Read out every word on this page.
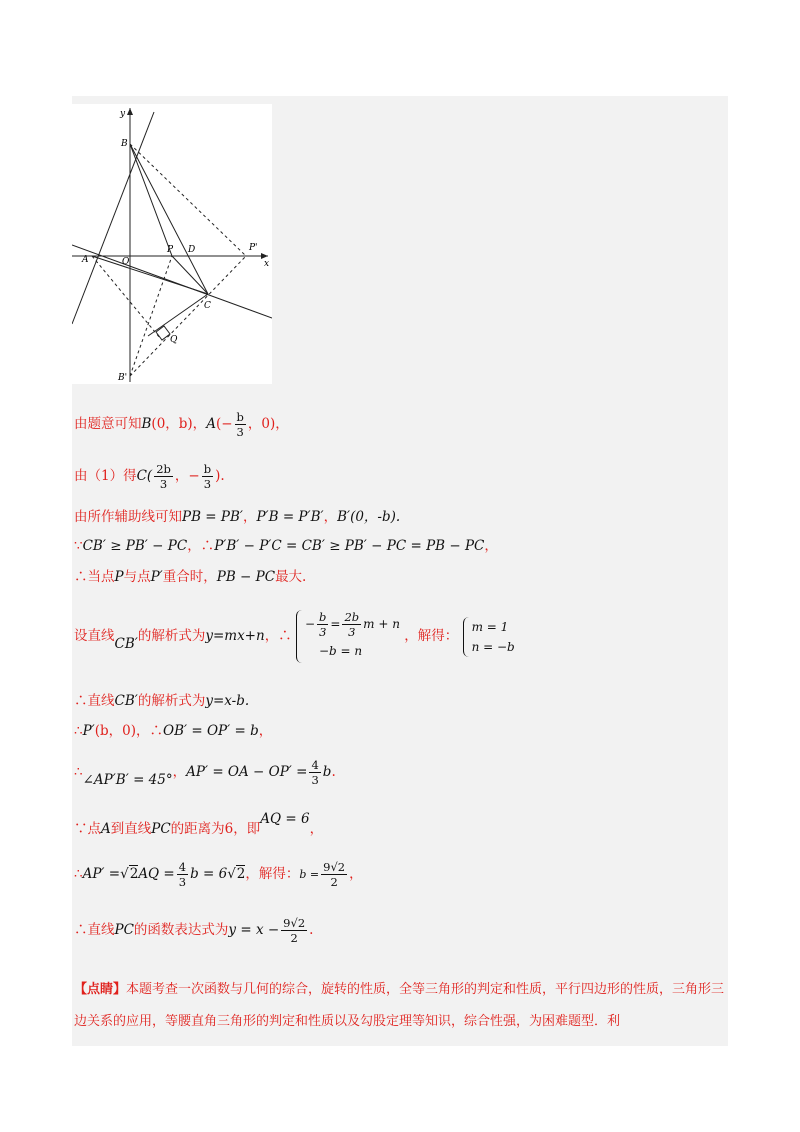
y
x
B
A	O
P D	P'
C
Q
B'
由题意可知B(0，b)，$A(- \frac{b}{3}$ ，0)，
由（1）得$C( \frac{2b}{3}$ ，− $\frac{b}{3}$ ).
由所作辅助线可知PB = PB′，P′B = P′B′，B′(0，-b).
∵CB′ ≥ PB′ − PC，∴P′B′ − P′C = CB′ ≥ PB′ − PC = PB − PC，
∴当点P与点P′重合时，PB − PC最大.
设直线CB′的解析式为y=mx+n，∴
− $\frac{b}{3} = \frac{2b}{3}$ m + n
−b = n
，解得：
m = 1
n = −b
∴直线CB′的解析式为y=x-b.
∴P′(b，0)，∴OB′ = OP′ = b，
∴∠AP′B′ = 45°，AP′ = OA − $OP' = \frac{4}{3} b$.
∵点A到直线PC的距离为6，即AQ = 6，
∴AP′ $=√2AQ = \frac{4}{3}$ b = 6√2，解得：$b = \frac{9√2}{2}$ ，
∴直线PC的函数表达式为$y = x - \frac{9√2}{2}$ .
【点睛】本题考查一次函数与几何的综合，旋转的性质，全等三角形的判定和性质，平行四边形的性质，三角形三边关系的应用，等腰直角三角形的判定和性质以及勾股定理等知识，综合性强，为困难题型．利
